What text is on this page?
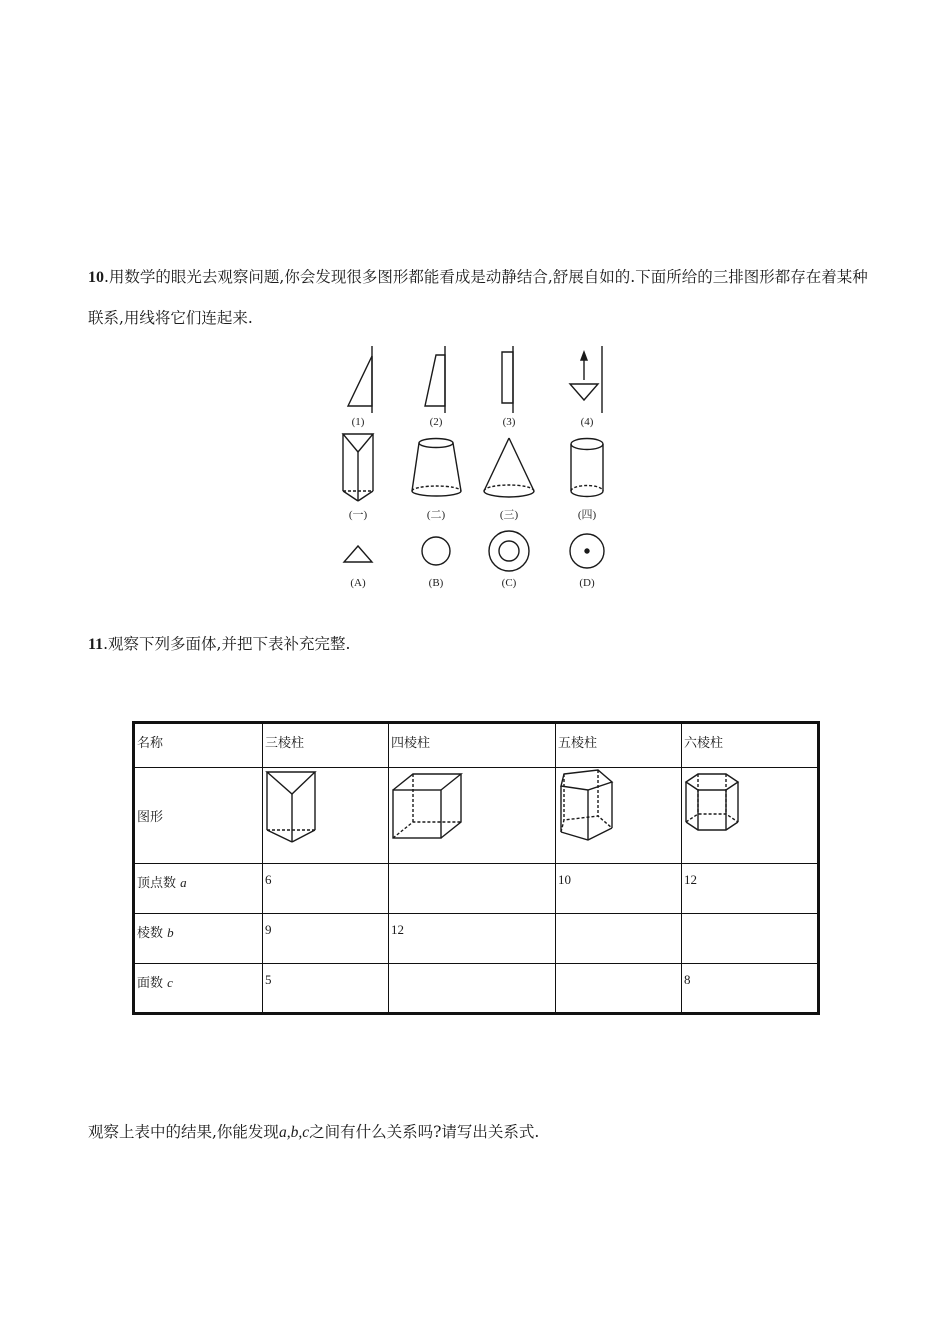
10.用数学的眼光去观察问题,你会发现很多图形都能看成是动静结合,舒展自如的.下面所给的三排图形都存在着某种联系,用线将它们连起来.
(1)	(2)	(3)	(4)
(一)	(二)	(三)	(四)
(A)	(B)	(C)	(D)
11.观察下列多面体,并把下表补充完整.
名称	三棱柱	四棱柱	五棱柱	六棱柱
图形	

顶点数 a	6		10	12
棱数 b	9	12		
面数 c	5			8
观察上表中的结果,你能发现a,b,c之间有什么关系吗?请写出关系式.
